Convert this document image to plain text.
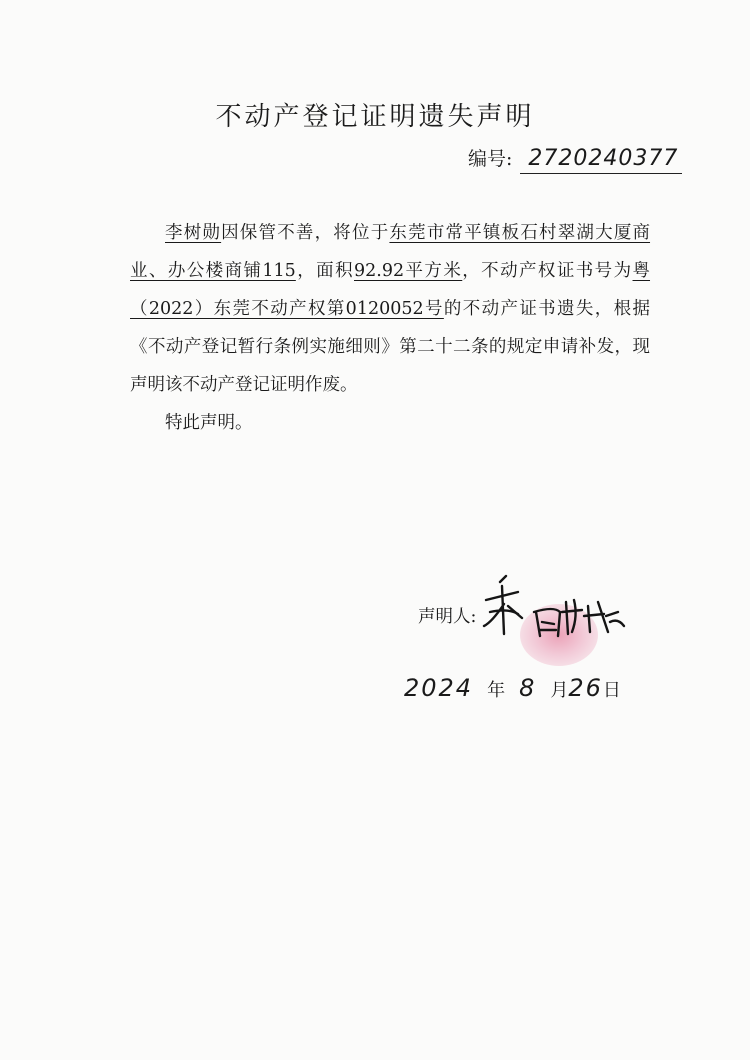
不动产登记证明遗失声明
编号: 2720240377

李树勋因保管不善，将位于东莞市常平镇板石村翠湖大厦商业、办公楼商铺115，面积92.92平方米，不动产权证书号为粤（2022）东莞不动产权第0120052号的不动产证书遗失，根据《不动产登记暂行条例实施细则》第二十二条的规定申请补发，现声明该不动产登记证明作废。

特此声明。

声明人:
2024 年 8 月 26 日
